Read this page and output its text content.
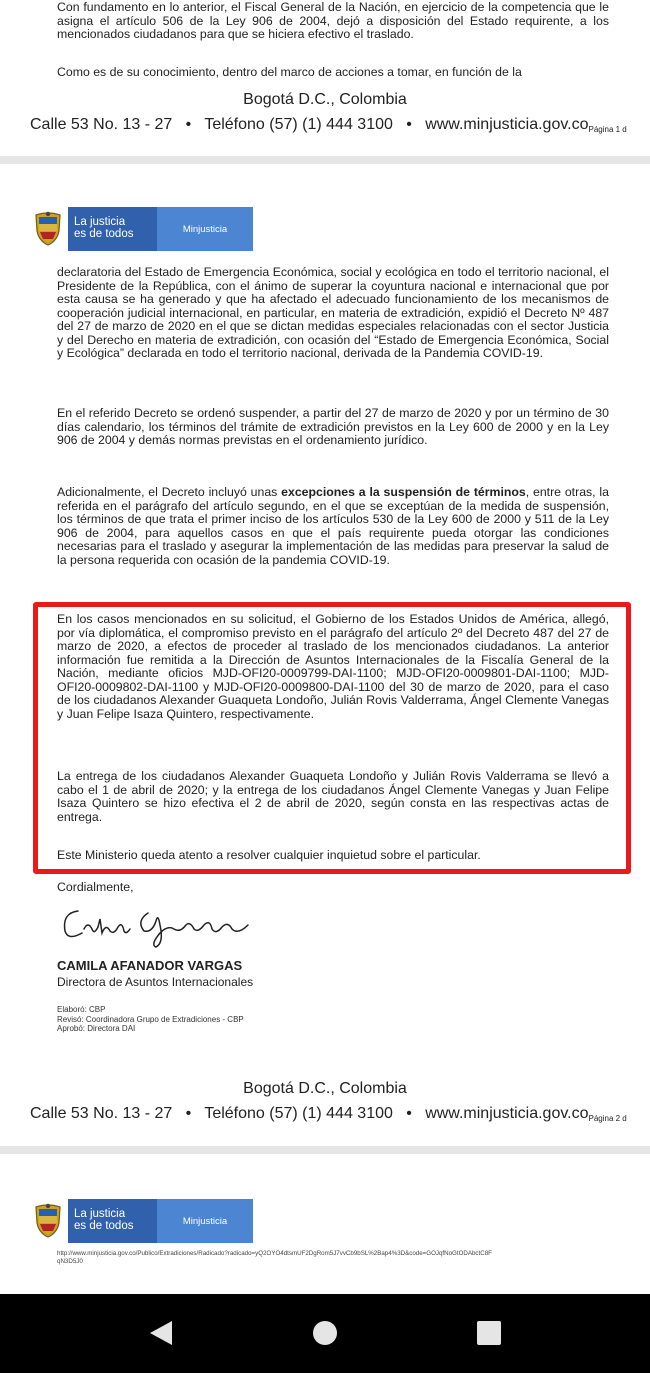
Con fundamento en lo anterior, el Fiscal General de la Nación, en ejercicio de la competencia que le asigna el artículo 506 de la Ley 906 de 2004, dejó a disposición del Estado requirente, a los mencionados ciudadanos para que se hiciera efectivo el traslado.

Como es de su conocimiento, dentro del marco de acciones a tomar, en función de la

Bogotá D.C., Colombia
Calle 53 No. 13 - 27   •   Teléfono (57) (1) 444 3100   •   www.minjusticia.gov.coPágina 1 d
La justicia
es de todos	Minjusticia

declaratoria del Estado de Emergencia Económica, social y ecológica en todo el territorio nacional, el Presidente de la República, con el ánimo de superar la coyuntura nacional e internacional que por esta causa se ha generado y que ha afectado el adecuado funcionamiento de los mecanismos de cooperación judicial internacional, en particular, en materia de extradición, expidió el Decreto Nº 487 del 27 de marzo de 2020 en el que se dictan medidas especiales relacionadas con el sector Justicia y del Derecho en materia de extradición, con ocasión del “Estado de Emergencia Económica, Social y Ecológica” declarada en todo el territorio nacional, derivada de la Pandemia COVID-19.

En el referido Decreto se ordenó suspender, a partir del 27 de marzo de 2020 y por un término de 30 días calendario, los términos del trámite de extradición previstos en la Ley 600 de 2000 y en la Ley 906 de 2004 y demás normas previstas en el ordenamiento jurídico.

Adicionalmente, el Decreto incluyó unas excepciones a la suspensión de términos, entre otras, la referida en el parágrafo del artículo segundo, en el que se exceptúan de la medida de suspensión, los términos de que trata el primer inciso de los artículos 530 de la Ley 600 de 2000 y 511 de la Ley 906 de 2004, para aquellos casos en que el país requirente pueda otorgar las condiciones necesarias para el traslado y asegurar la implementación de las medidas para preservar la salud de la persona requerida con ocasión de la pandemia COVID-19.

En los casos mencionados en su solicitud, el Gobierno de los Estados Unidos de América, allegó, por vía diplomática, el compromiso previsto en el parágrafo del artículo 2º del Decreto 487 del 27 de marzo de 2020, a efectos de proceder al traslado de los mencionados ciudadanos. La anterior información fue remitida a la Dirección de Asuntos Internacionales de la Fiscalía General de la Nación, mediante oficios MJD-OFI20-0009799-DAI-1100; MJD-OFI20-0009801-DAI-1100; MJD-OFI20-0009802-DAI-1100 y MJD-OFI20-0009800-DAI-1100 del 30 de marzo de 2020, para el caso de los ciudadanos Alexander Guaqueta Londoño, Julián Rovis Valderrama, Ángel Clemente Vanegas y Juan Felipe Isaza Quintero, respectivamente.

La entrega de los ciudadanos Alexander Guaqueta Londoño y Julián Rovis Valderrama se llevó a cabo el 1 de abril de 2020; y la entrega de los ciudadanos Ángel Clemente Vanegas y Juan Felipe Isaza Quintero se hizo efectiva el 2 de abril de 2020, según consta en las respectivas actas de entrega.

Este Ministerio queda atento a resolver cualquier inquietud sobre el particular.

Cordialmente,

CAMILA AFANADOR VARGAS
Directora de Asuntos Internacionales
Elaboró: CBP
Revisó: Coordinadora Grupo de Extradiciones - CBP
Aprobó: Directora DAI
Bogotá D.C., Colombia
Calle 53 No. 13 - 27   •   Teléfono (57) (1) 444 3100   •   www.minjusticia.gov.coPágina 2 d
La justicia
es de todos	Minjusticia
http://www.minjusticia.gov.co/Publico/Extradiciones/Radicado?radicado=yQ2OYO4dtsmUF2DgRom5J7vvCb9bSL%2Bap4%3D&code=GOJqfNoGtODAbctC8F
qN3D5J0
